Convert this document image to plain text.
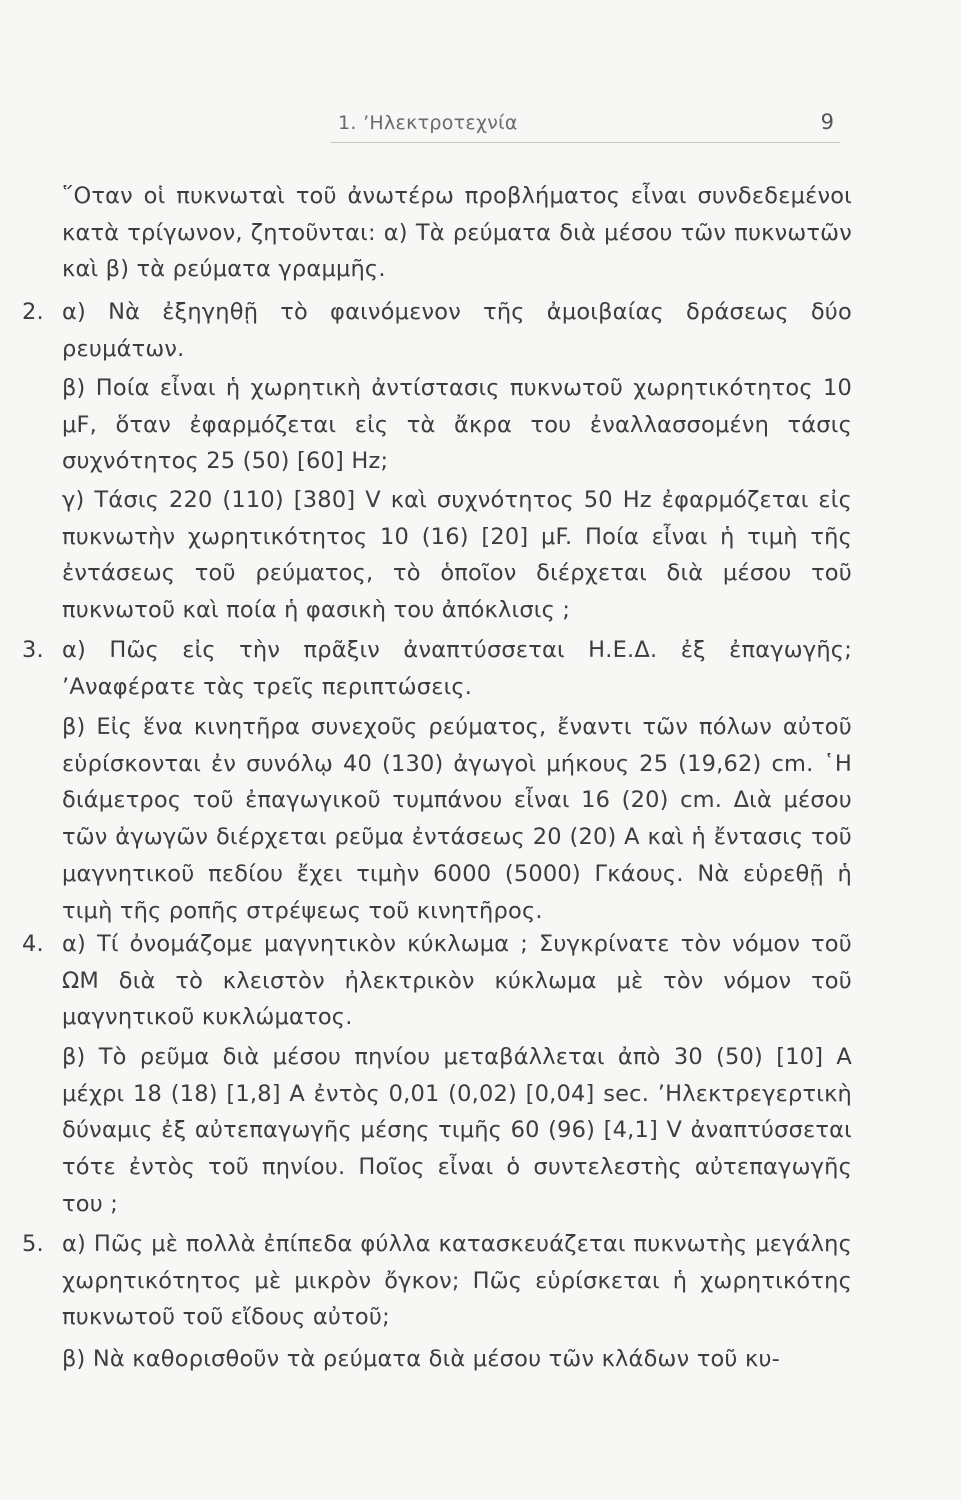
1. ’Ηλεκτροτεχνία	9
῞Οταν οἱ πυκνωταὶ τοῦ ἀνωτέρω προβλήματος εἶναι συνδεδεμένοι κατὰ τρίγωνον, ζητοῦνται: α) Τὰ ρεύματα διὰ μέσου τῶν πυκνωτῶν καὶ β) τὰ ρεύματα γραμμῆς.
2. α) Νὰ ἐξηγηθῇ τὸ φαινόμενον τῆς ἀμοιβαίας δράσεως δύο ρευμάτων.
β) Ποία εἶναι ἡ χωρητικὴ ἀντίστασις πυκνωτοῦ χωρητικότητος 10 μF, ὅταν ἐφαρμόζεται εἰς τὰ ἄκρα του ἐναλλασσομένη τάσις συχνότητος 25 (50) [60] Hz;
γ) Τάσις 220 (110) [380] V καὶ συχνότητος 50 Hz ἐφαρμόζεται εἰς πυκνωτὴν χωρητικότητος 10 (16) [20] μF. Ποία εἶναι ἡ τιμὴ τῆς ἐντάσεως τοῦ ρεύματος, τὸ ὁποῖον διέρχεται διὰ μέσου τοῦ πυκνωτοῦ καὶ ποία ἡ φασικὴ του ἀπόκλισις ;
3. α) Πῶς εἰς τὴν πρᾶξιν ἀναπτύσσεται Η.Ε.Δ. ἐξ ἐπαγωγῆς; ’Αναφέρατε τὰς τρεῖς περιπτώσεις.
β) Εἰς ἕνα κινητῆρα συνεχοῦς ρεύματος, ἔναντι τῶν πόλων αὐτοῦ εὑρίσκονται ἐν συνόλῳ 40 (130) ἀγωγοὶ μήκους 25 (19,62) cm. ῾Η διάμετρος τοῦ ἐπαγωγικοῦ τυμπάνου εἶναι 16 (20) cm. Διὰ μέσου τῶν ἀγωγῶν διέρχεται ρεῦμα ἐντάσεως 20 (20) A καὶ ἡ ἔντασις τοῦ μαγνητικοῦ πεδίου ἔχει τιμὴν 6000 (5000) Γκάους. Νὰ εὑρεθῇ ἡ τιμὴ τῆς ροπῆς στρέψεως τοῦ κινητῆρος.
4. α) Τί ὀνομάζομε μαγνητικὸν κύκλωμα ; Συγκρίνατε τὸν νόμον τοῦ ΩΜ διὰ τὸ κλειστὸν ἠλεκτρικὸν κύκλωμα μὲ τὸν νόμον τοῦ μαγνητικοῦ κυκλώματος.
β) Τὸ ρεῦμα διὰ μέσου πηνίου μεταβάλλεται ἀπὸ 30 (50) [10] A μέχρι 18 (18) [1,8] A ἐντὸς 0,01 (0,02) [0,04] sec. ’Ηλεκτρεγερτικὴ δύναμις ἐξ αὐτεπαγωγῆς μέσης τιμῆς 60 (96) [4,1] V ἀναπτύσσεται τότε ἐντὸς τοῦ πηνίου. Ποῖος εἶναι ὁ συντελεστὴς αὐτεπαγωγῆς του ;
5. α) Πῶς μὲ πολλὰ ἐπίπεδα φύλλα κατασκευάζεται πυκνωτὴς μεγάλης χωρητικότητος μὲ μικρὸν ὄγκον; Πῶς εὑρίσκεται ἡ χωρητικότης πυκνωτοῦ τοῦ εἴδους αὐτοῦ;
β) Νὰ καθορισθοῦν τὰ ρεύματα διὰ μέσου τῶν κλάδων τοῦ κυ-
